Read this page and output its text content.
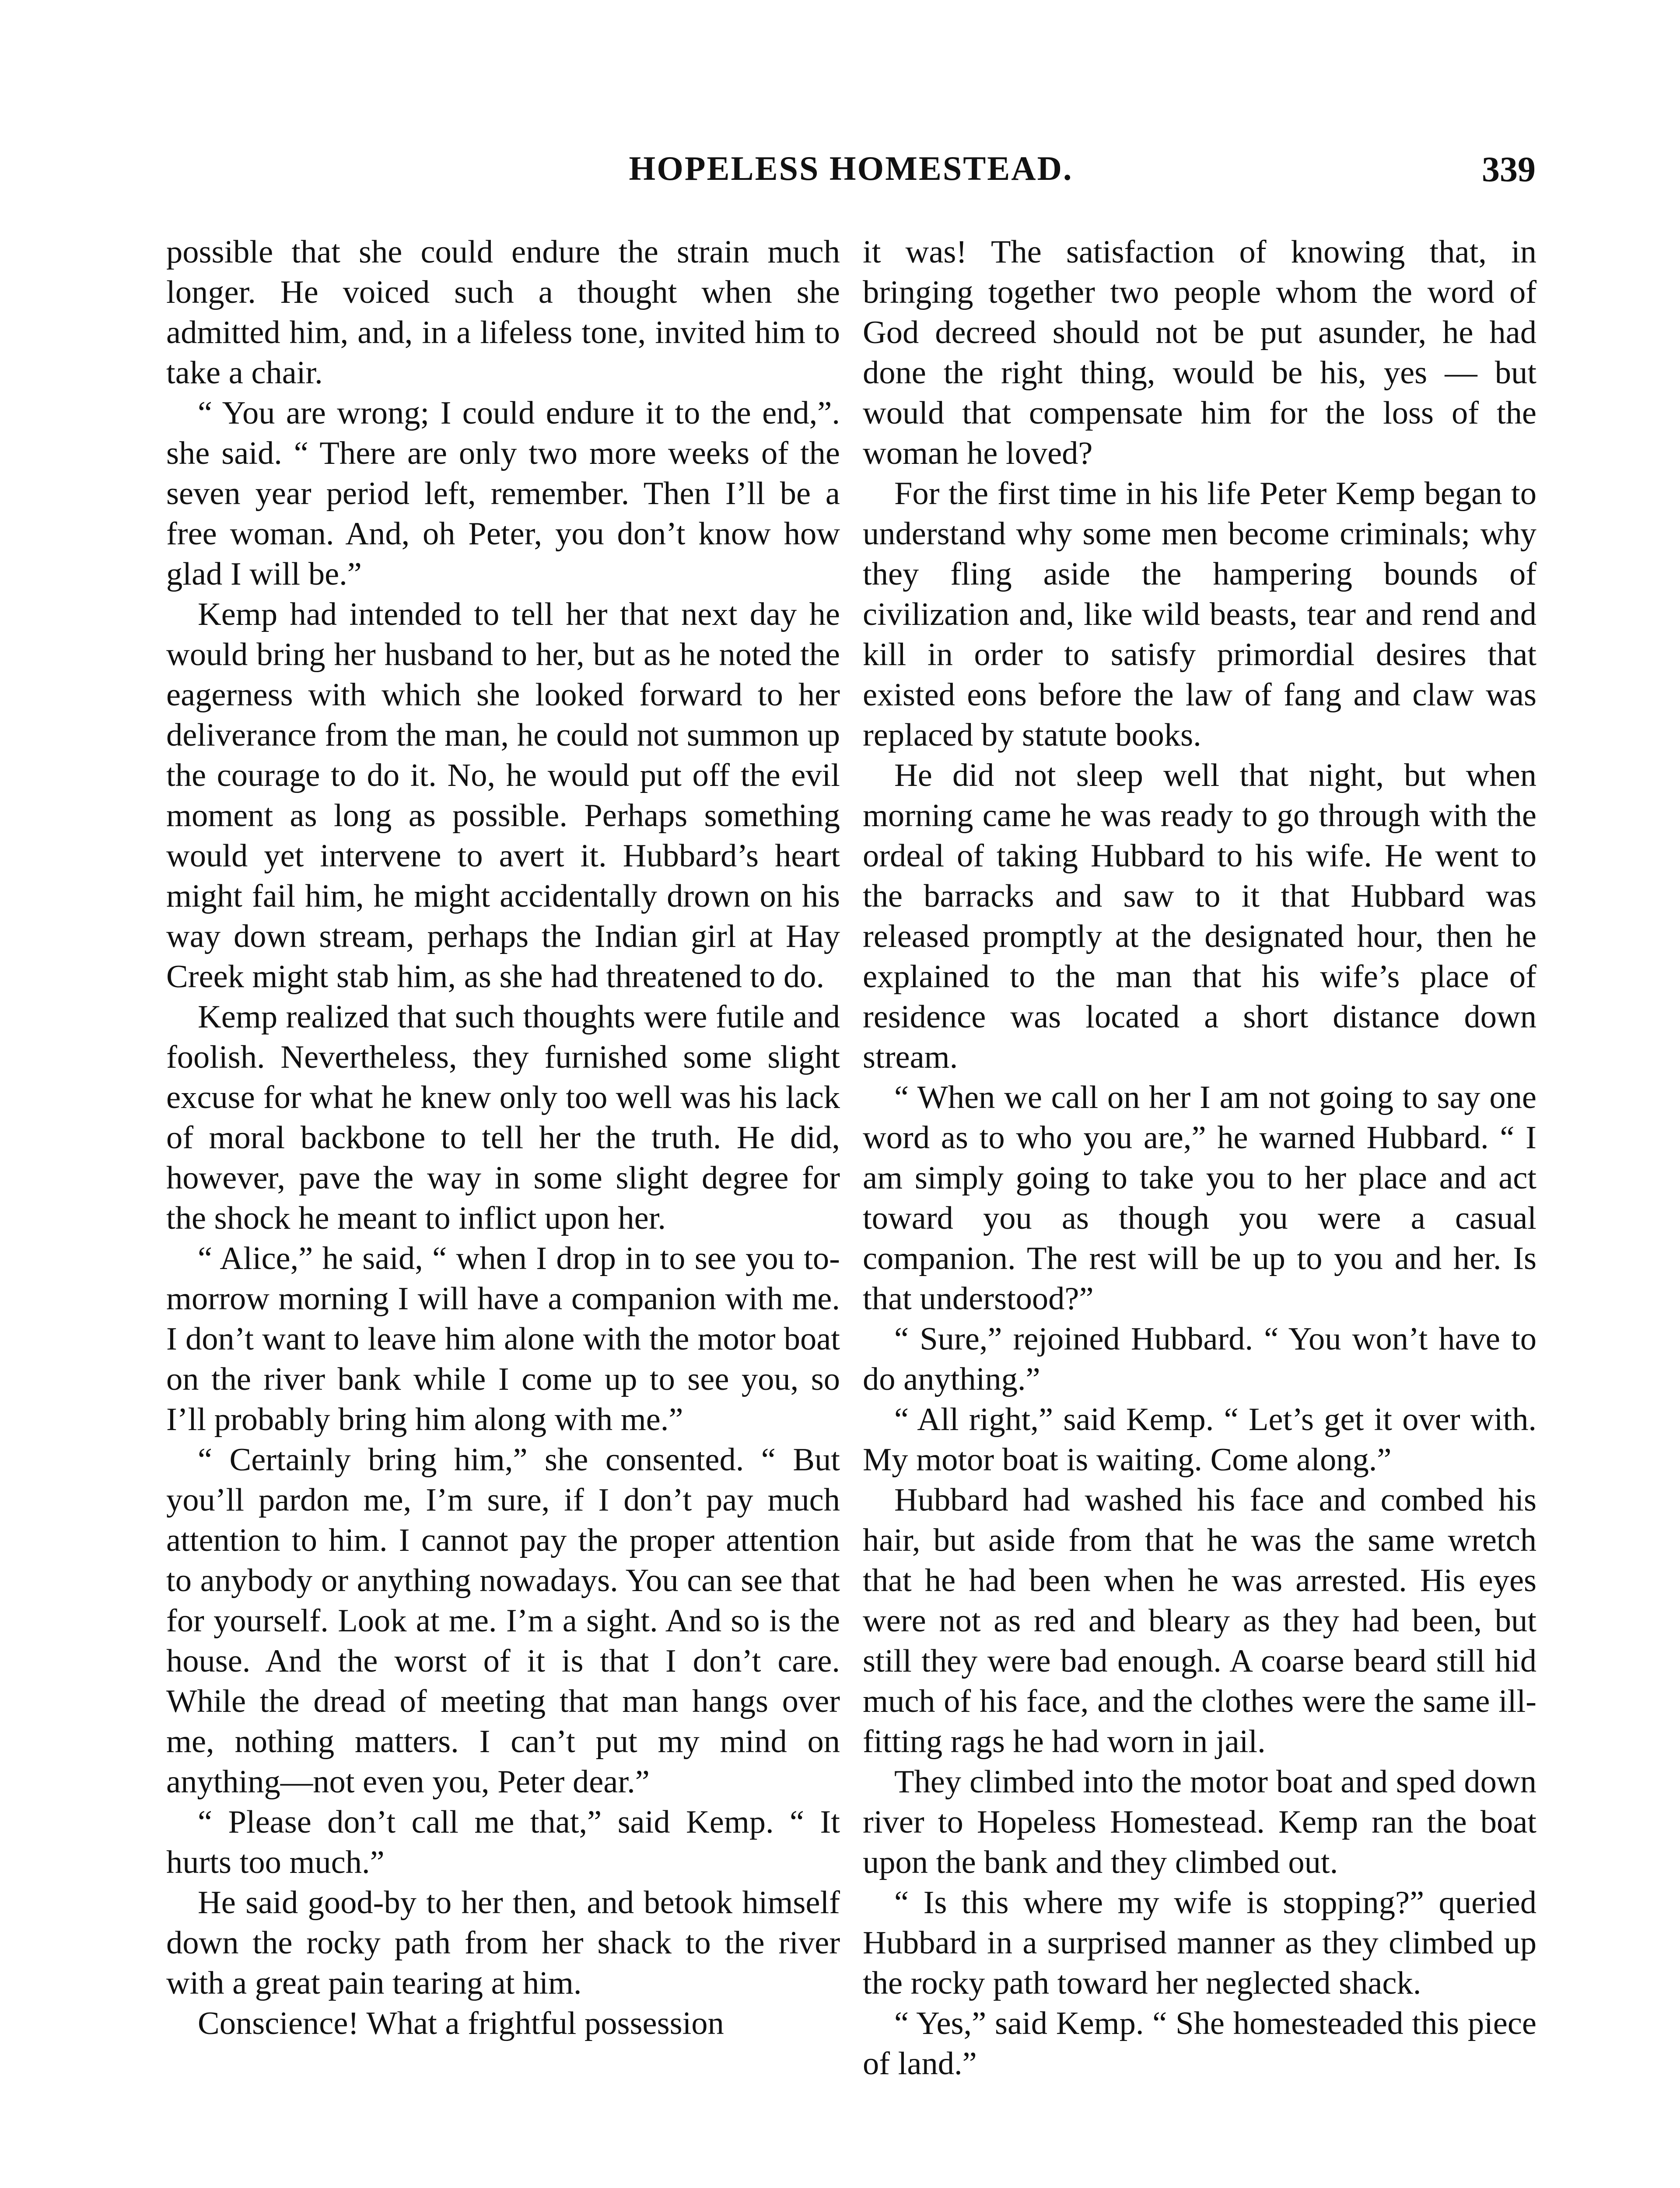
HOPELESS HOMESTEAD.	339

possible that she could endure the strain much longer. He voiced such a thought when she admitted him, and, in a lifeless tone, invited him to take a chair.

“ You are wrong; I could endure it to the end,”. she said. “ There are only two more weeks of the seven year period left, remember. Then I’ll be a free woman. And, oh Peter, you don’t know how glad I will be.”

Kemp had intended to tell her that next day he would bring her husband to her, but as he noted the eagerness with which she looked forward to her deliverance from the man, he could not summon up the courage to do it. No, he would put off the evil moment as long as possible. Perhaps something would yet intervene to avert it. Hubbard’s heart might fail him, he might accidentally drown on his way down stream, perhaps the Indian girl at Hay Creek might stab him, as she had threatened to do.

Kemp realized that such thoughts were futile and foolish. Nevertheless, they furnished some slight excuse for what he knew only too well was his lack of moral backbone to tell her the truth. He did, however, pave the way in some slight degree for the shock he meant to inflict upon her.

“ Alice,” he said, “ when I drop in to see you to-morrow morning I will have a companion with me. I don’t want to leave him alone with the motor boat on the river bank while I come up to see you, so I’ll probably bring him along with me.”

“ Certainly bring him,” she consented. “ But you’ll pardon me, I’m sure, if I don’t pay much attention to him. I cannot pay the proper attention to anybody or anything nowadays. You can see that for yourself. Look at me. I’m a sight. And so is the house. And the worst of it is that I don’t care. While the dread of meeting that man hangs over me, nothing matters. I can’t put my mind on anything—not even you, Peter dear.”

“ Please don’t call me that,” said Kemp. “ It hurts too much.”

He said good-by to her then, and betook himself down the rocky path from her shack to the river with a great pain tearing at him.

Conscience! What a frightful possession

it was! The satisfaction of knowing that, in bringing together two people whom the word of God decreed should not be put asunder, he had done the right thing, would be his, yes — but would that compensate him for the loss of the woman he loved?

For the first time in his life Peter Kemp began to understand why some men become criminals; why they fling aside the hampering bounds of civilization and, like wild beasts, tear and rend and kill in order to satisfy primordial desires that existed eons before the law of fang and claw was replaced by statute books.

He did not sleep well that night, but when morning came he was ready to go through with the ordeal of taking Hubbard to his wife. He went to the barracks and saw to it that Hubbard was released promptly at the designated hour, then he explained to the man that his wife’s place of residence was located a short distance down stream.

“ When we call on her I am not going to say one word as to who you are,” he warned Hubbard. “ I am simply going to take you to her place and act toward you as though you were a casual companion. The rest will be up to you and her. Is that understood?”

“ Sure,” rejoined Hubbard. “ You won’t have to do anything.”

“ All right,” said Kemp. “ Let’s get it over with. My motor boat is waiting. Come along.”

Hubbard had washed his face and combed his hair, but aside from that he was the same wretch that he had been when he was arrested. His eyes were not as red and bleary as they had been, but still they were bad enough. A coarse beard still hid much of his face, and the clothes were the same ill-fitting rags he had worn in jail.

They climbed into the motor boat and sped down river to Hopeless Homestead. Kemp ran the boat upon the bank and they climbed out.

“ Is this where my wife is stopping?” queried Hubbard in a surprised manner as they climbed up the rocky path toward her neglected shack.

“ Yes,” said Kemp. “ She homesteaded this piece of land.”
